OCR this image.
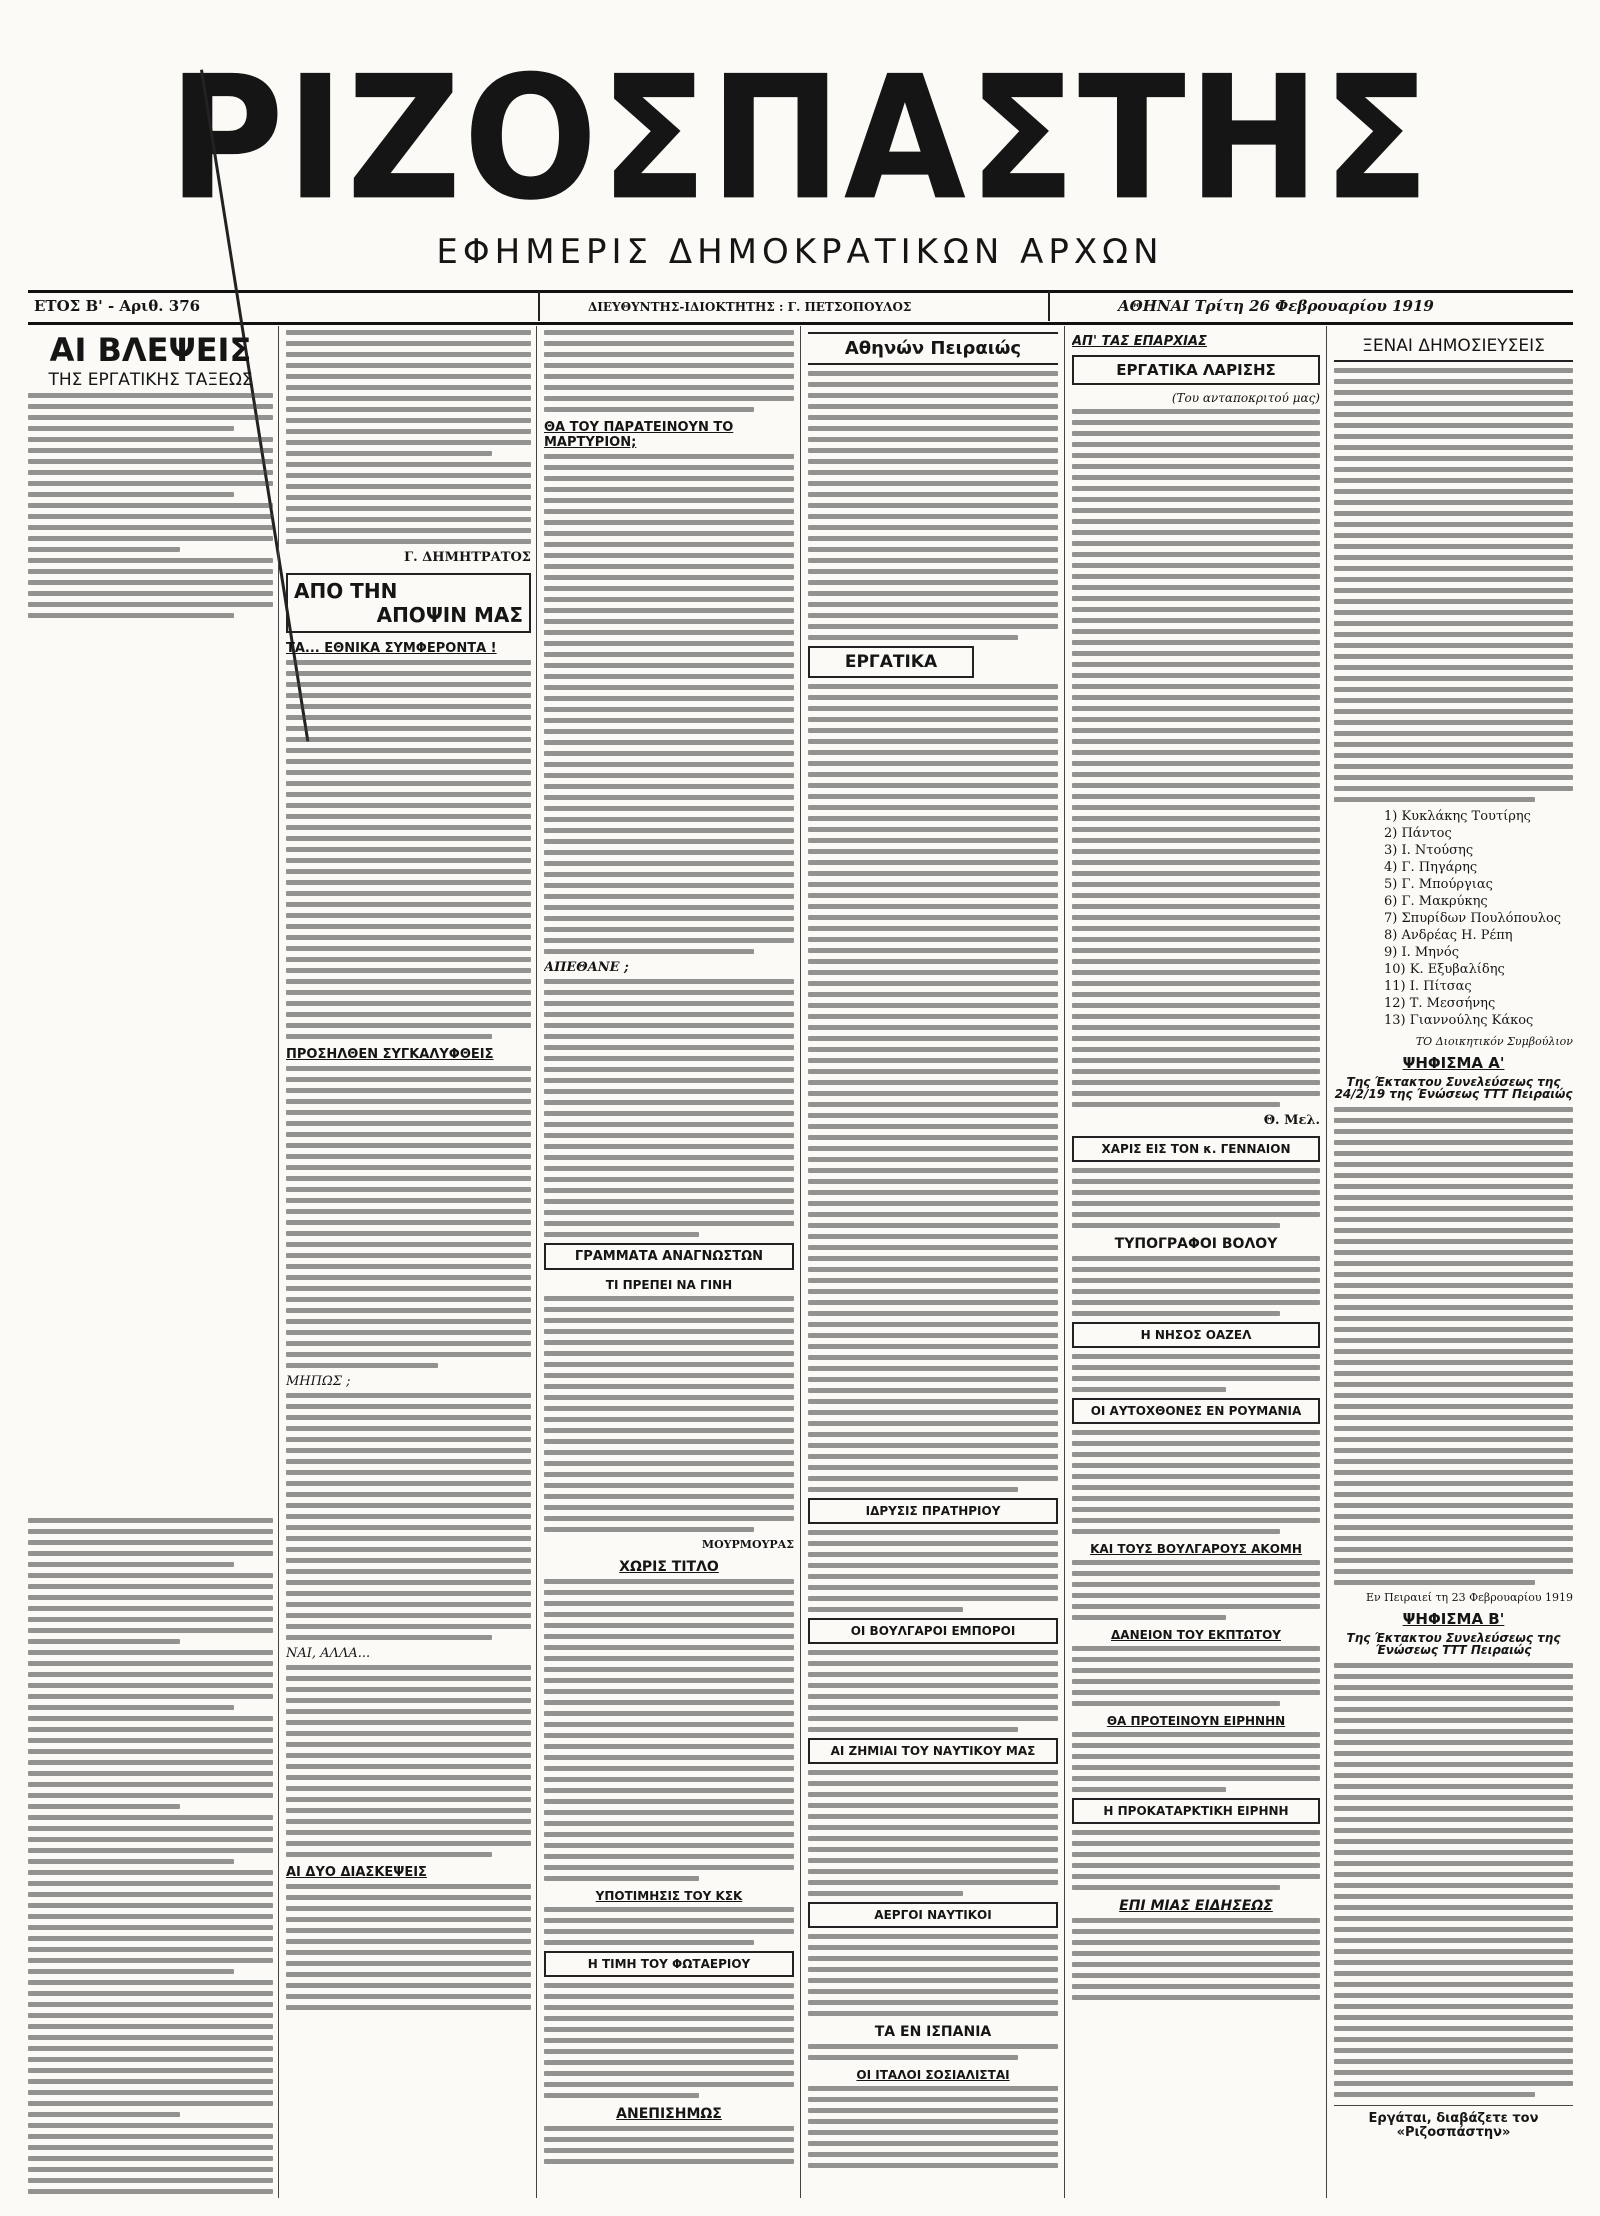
ΡΙΖΟΣΠΑΣΤΗΣ
ΕΦΗΜΕΡΙΣ ΔΗΜΟΚΡΑΤΙΚΩΝ ΑΡΧΩΝ
ΕΤΟΣ Β' - Αριθ. 376	ΔΙΕΥΘΥΝΤΗΣ-ΙΔΙΟΚΤΗΤΗΣ : Γ. ΠΕΤΣΟΠΟΥΛΟΣ	ΑΘΗΝΑΙ Τρίτη 26 Φεβρουαρίου 1919
ΑΙ ΒΛΕΨΕΙΣ
ΤΗΣ ΕΡΓΑΤΙΚΗΣ ΤΑΞΕΩΣ
Γ. ΔΗΜΗΤΡΑΤΟΣ
ΑΠΟ ΤΗΝ
ΑΠΟΨΙΝ ΜΑΣ
ΤΑ... ΕΘΝΙΚΑ ΣΥΜΦΕΡΟΝΤΑ !
ΠΡΟΣΗΛΘΕΝ ΣΥΓΚΑΛΥΦΘΕΙΣ
ΜΗΠΩΣ ;
ΝΑΙ, ΑΛΛΑ...
ΑΙ ΔΥΟ ΔΙΑΣΚΕΨΕΙΣ
ΘΑ ΤΟΥ ΠΑΡΑΤΕΙΝΟΥΝ ΤΟ ΜΑΡΤΥΡΙΟΝ;
ΑΠΕΘΑΝΕ ;
ΓΡΑΜΜΑΤΑ ΑΝΑΓΝΩΣΤΩΝ
ΤΙ ΠΡΕΠΕΙ ΝΑ ΓΙΝΗ
ΜΟΥΡΜΟΥΡΑΣ
ΧΩΡΙΣ ΤΙΤΛΟ
ΥΠΟΤΙΜΗΣΙΣ ΤΟΥ ΚΣΚ
Η ΤΙΜΗ ΤΟΥ ΦΩΤΑΕΡΙΟΥ
ΑΝΕΠΙΣΗΜΩΣ
Αθηνών Πειραιώς
ΕΡΓΑΤΙΚΑ
ΙΔΡΥΣΙΣ ΠΡΑΤΗΡΙΟΥ
ΟΙ ΒΟΥΛΓΑΡΟΙ ΕΜΠΟΡΟΙ
ΑΙ ΖΗΜΙΑΙ ΤΟΥ ΝΑΥΤΙΚΟΥ ΜΑΣ
ΑΕΡΓΟΙ ΝΑΥΤΙΚΟΙ
ΤΑ ΕΝ ΙΣΠΑΝΙΑ
ΟΙ ΙΤΑΛΟΙ ΣΟΣΙΑΛΙΣΤΑΙ
ΑΠ' ΤΑΣ ΕΠΑΡΧΙΑΣ
ΕΡΓΑΤΙΚΑ ΛΑΡΙΣΗΣ
(Του ανταποκριτού μας)
Θ. Μελ.
ΧΑΡΙΣ ΕΙΣ ΤΟΝ κ. ΓΕΝΝΑΙΟΝ
ΤΥΠΟΓΡΑΦΟΙ ΒΟΛΟΥ
Η ΝΗΣΟΣ ΟΑΖΕΛ
ΟΙ ΑΥΤΟΧΘΟΝΕΣ ΕΝ ΡΟΥΜΑΝΙΑ
ΚΑΙ ΤΟΥΣ ΒΟΥΛΓΑΡΟΥΣ ΑΚΟΜΗ
ΔΑΝΕΙΟΝ ΤΟΥ ΕΚΠΤΩΤΟΥ
ΘΑ ΠΡΟΤΕΙΝΟΥΝ ΕΙΡΗΝΗΝ
Η ΠΡΟΚΑΤΑΡΚΤΙΚΗ ΕΙΡΗΝΗ
ΕΠΙ ΜΙΑΣ ΕΙΔΗΣΕΩΣ
ΞΕΝΑΙ ΔΗΜΟΣΙΕΥΣΕΙΣ
1) Κυκλάκης Τουτίρης
2) Πάντος
3) Ι. Ντούσης
4) Γ. Πηγάρης
5) Γ. Μπούργιας
6) Γ. Μακρύκης
7) Σπυρίδων Πουλόπουλος
8) Ανδρέας Η. Ρέπη
9) Ι. Μηνός
10) Κ. Εξυβαλίδης
11) Ι. Πίτσας
12) Τ. Μεσσήνης
13) Γιαννούλης Κάκος
ΤΟ Διοικητικόν Συμβούλιον
ΨΗΦΙΣΜΑ Α'
Της Έκτακτου Συνελεύσεως της 24/2/19 της Ένώσεως ΤΤΤ Πειραιώς
Εν Πειραιεί τη 23 Φεβρουαρίου 1919
ΨΗΦΙΣΜΑ Β'
Της Έκτακτου Συνελεύσεως της Ένώσεως ΤΤΤ Πειραιώς
Εργάται, διαβάζετε τον «Ριζοσπάστην»
